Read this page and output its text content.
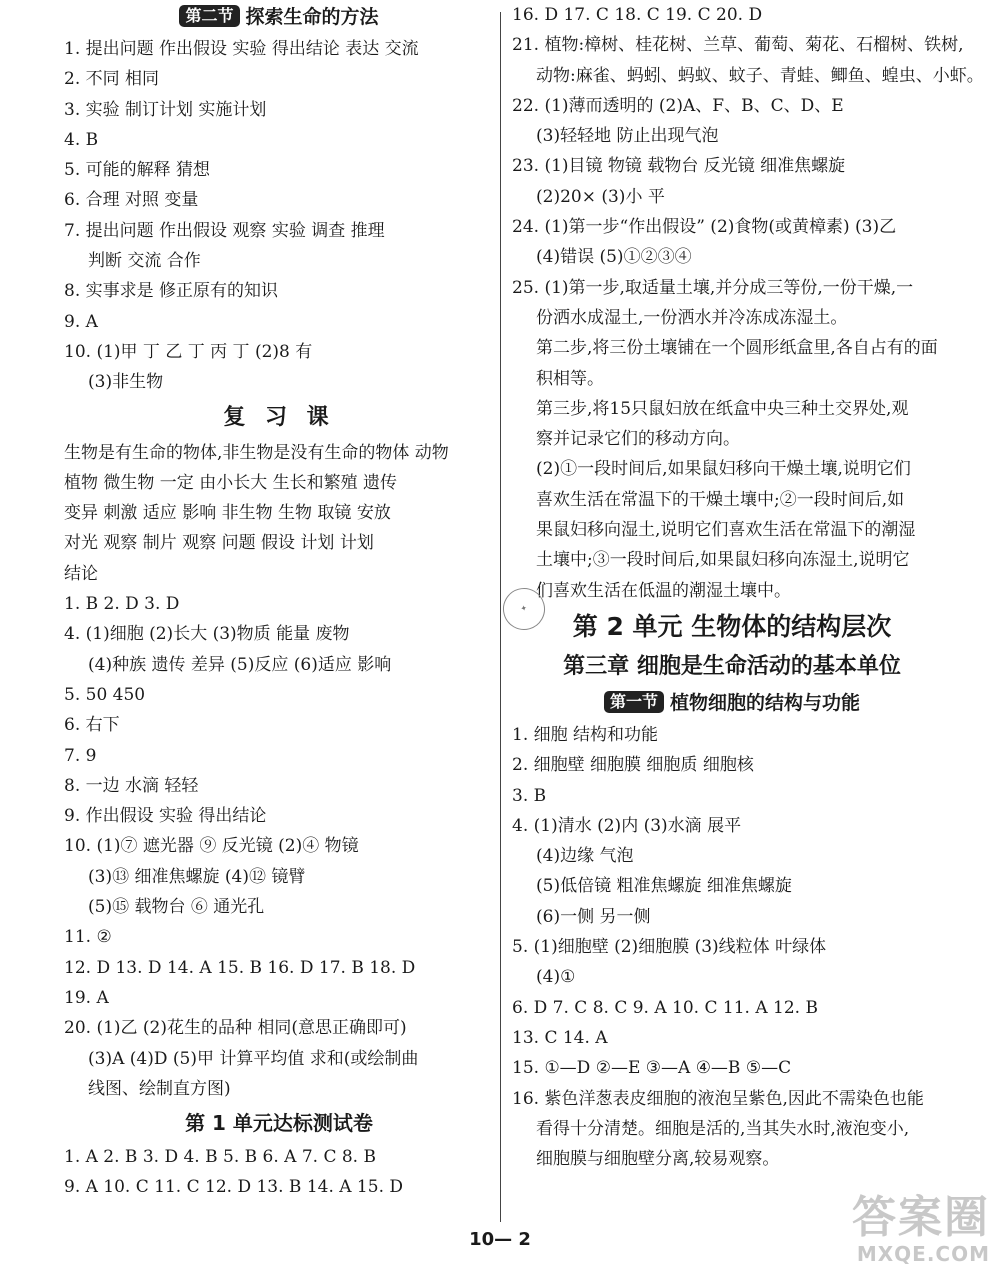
第二节 探索生命的方法
1. 提出问题 作出假设 实验 得出结论 表达 交流
2. 不同 相同
3. 实验 制订计划 实施计划
4. B
5. 可能的解释 猜想
6. 合理 对照 变量
7. 提出问题 作出假设 观察 实验 调查 推理
判断 交流 合作
8. 实事求是 修正原有的知识
9. A
10. (1)甲 丁 乙 丁 丙 丁 (2)8 有
(3)非生物
复 习 课
生物是有生命的物体,非生物是没有生命的物体 动物
植物 微生物 一定 由小长大 生长和繁殖 遗传
变异 刺激 适应 影响 非生物 生物 取镜 安放
对光 观察 制片 观察 问题 假设 计划 计划
结论
1. B 2. D 3. D
4. (1)细胞 (2)长大 (3)物质 能量 废物
(4)种族 遗传 差异 (5)反应 (6)适应 影响
5. 50 450
6. 右下
7. 9
8. 一边 水滴 轻轻
9. 作出假设 实验 得出结论
10. (1)⑦ 遮光器 ⑨ 反光镜 (2)④ 物镜
(3)⑬ 细准焦螺旋 (4)⑫ 镜臂
(5)⑮ 载物台 ⑥ 通光孔
11. ②
12. D 13. D 14. A 15. B 16. D 17. B 18. D
19. A
20. (1)乙 (2)花生的品种 相同(意思正确即可)
(3)A (4)D (5)甲 计算平均值 求和(或绘制曲
线图、绘制直方图)
第 1 单元达标测试卷
1. A 2. B 3. D 4. B 5. B 6. A 7. C 8. B
9. A 10. C 11. C 12. D 13. B 14. A 15. D
16. D 17. C 18. C 19. C 20. D
21. 植物:樟树、桂花树、兰草、葡萄、菊花、石榴树、铁树,
动物:麻雀、蚂蚓、蚂蚁、蚊子、青蛙、鲫鱼、蝗虫、小虾。
22. (1)薄而透明的 (2)A、F、B、C、D、E
(3)轻轻地 防止出现气泡
23. (1)目镜 物镜 载物台 反光镜 细准焦螺旋
(2)20× (3)小 平
24. (1)第一步“作出假设” (2)食物(或黄樟素) (3)乙
(4)错误 (5)①②③④
25. (1)第一步,取适量土壤,并分成三等份,一份干燥,一
份洒水成湿土,一份洒水并冷冻成冻湿土。
第二步,将三份土壤铺在一个圆形纸盒里,各自占有的面
积相等。
第三步,将15只鼠妇放在纸盒中央三种土交界处,观
察并记录它们的移动方向。
(2)①一段时间后,如果鼠妇移向干燥土壤,说明它们
喜欢生活在常温下的干燥土壤中;②一段时间后,如
果鼠妇移向湿土,说明它们喜欢生活在常温下的潮湿
土壤中;③一段时间后,如果鼠妇移向冻湿土,说明它
们喜欢生活在低温的潮湿土壤中。
第 2 单元 生物体的结构层次
第三章 细胞是生命活动的基本单位
第一节 植物细胞的结构与功能
1. 细胞 结构和功能
2. 细胞壁 细胞膜 细胞质 细胞核
3. B
4. (1)清水 (2)内 (3)水滴 展平
(4)边缘 气泡
(5)低倍镜 粗准焦螺旋 细准焦螺旋
(6)一侧 另一侧
5. (1)细胞壁 (2)细胞膜 (3)线粒体 叶绿体
(4)①
6. D 7. C 8. C 9. A 10. C 11. A 12. B
13. C 14. A
15. ①—D ②—E ③—A ④—B ⑤—C
16. 紫色洋葱表皮细胞的液泡呈紫色,因此不需染色也能
看得十分清楚。细胞是活的,当其失水时,液泡变小,
细胞膜与细胞壁分离,较易观察。
✦
10— 2	答案圈
MXQE.COM
